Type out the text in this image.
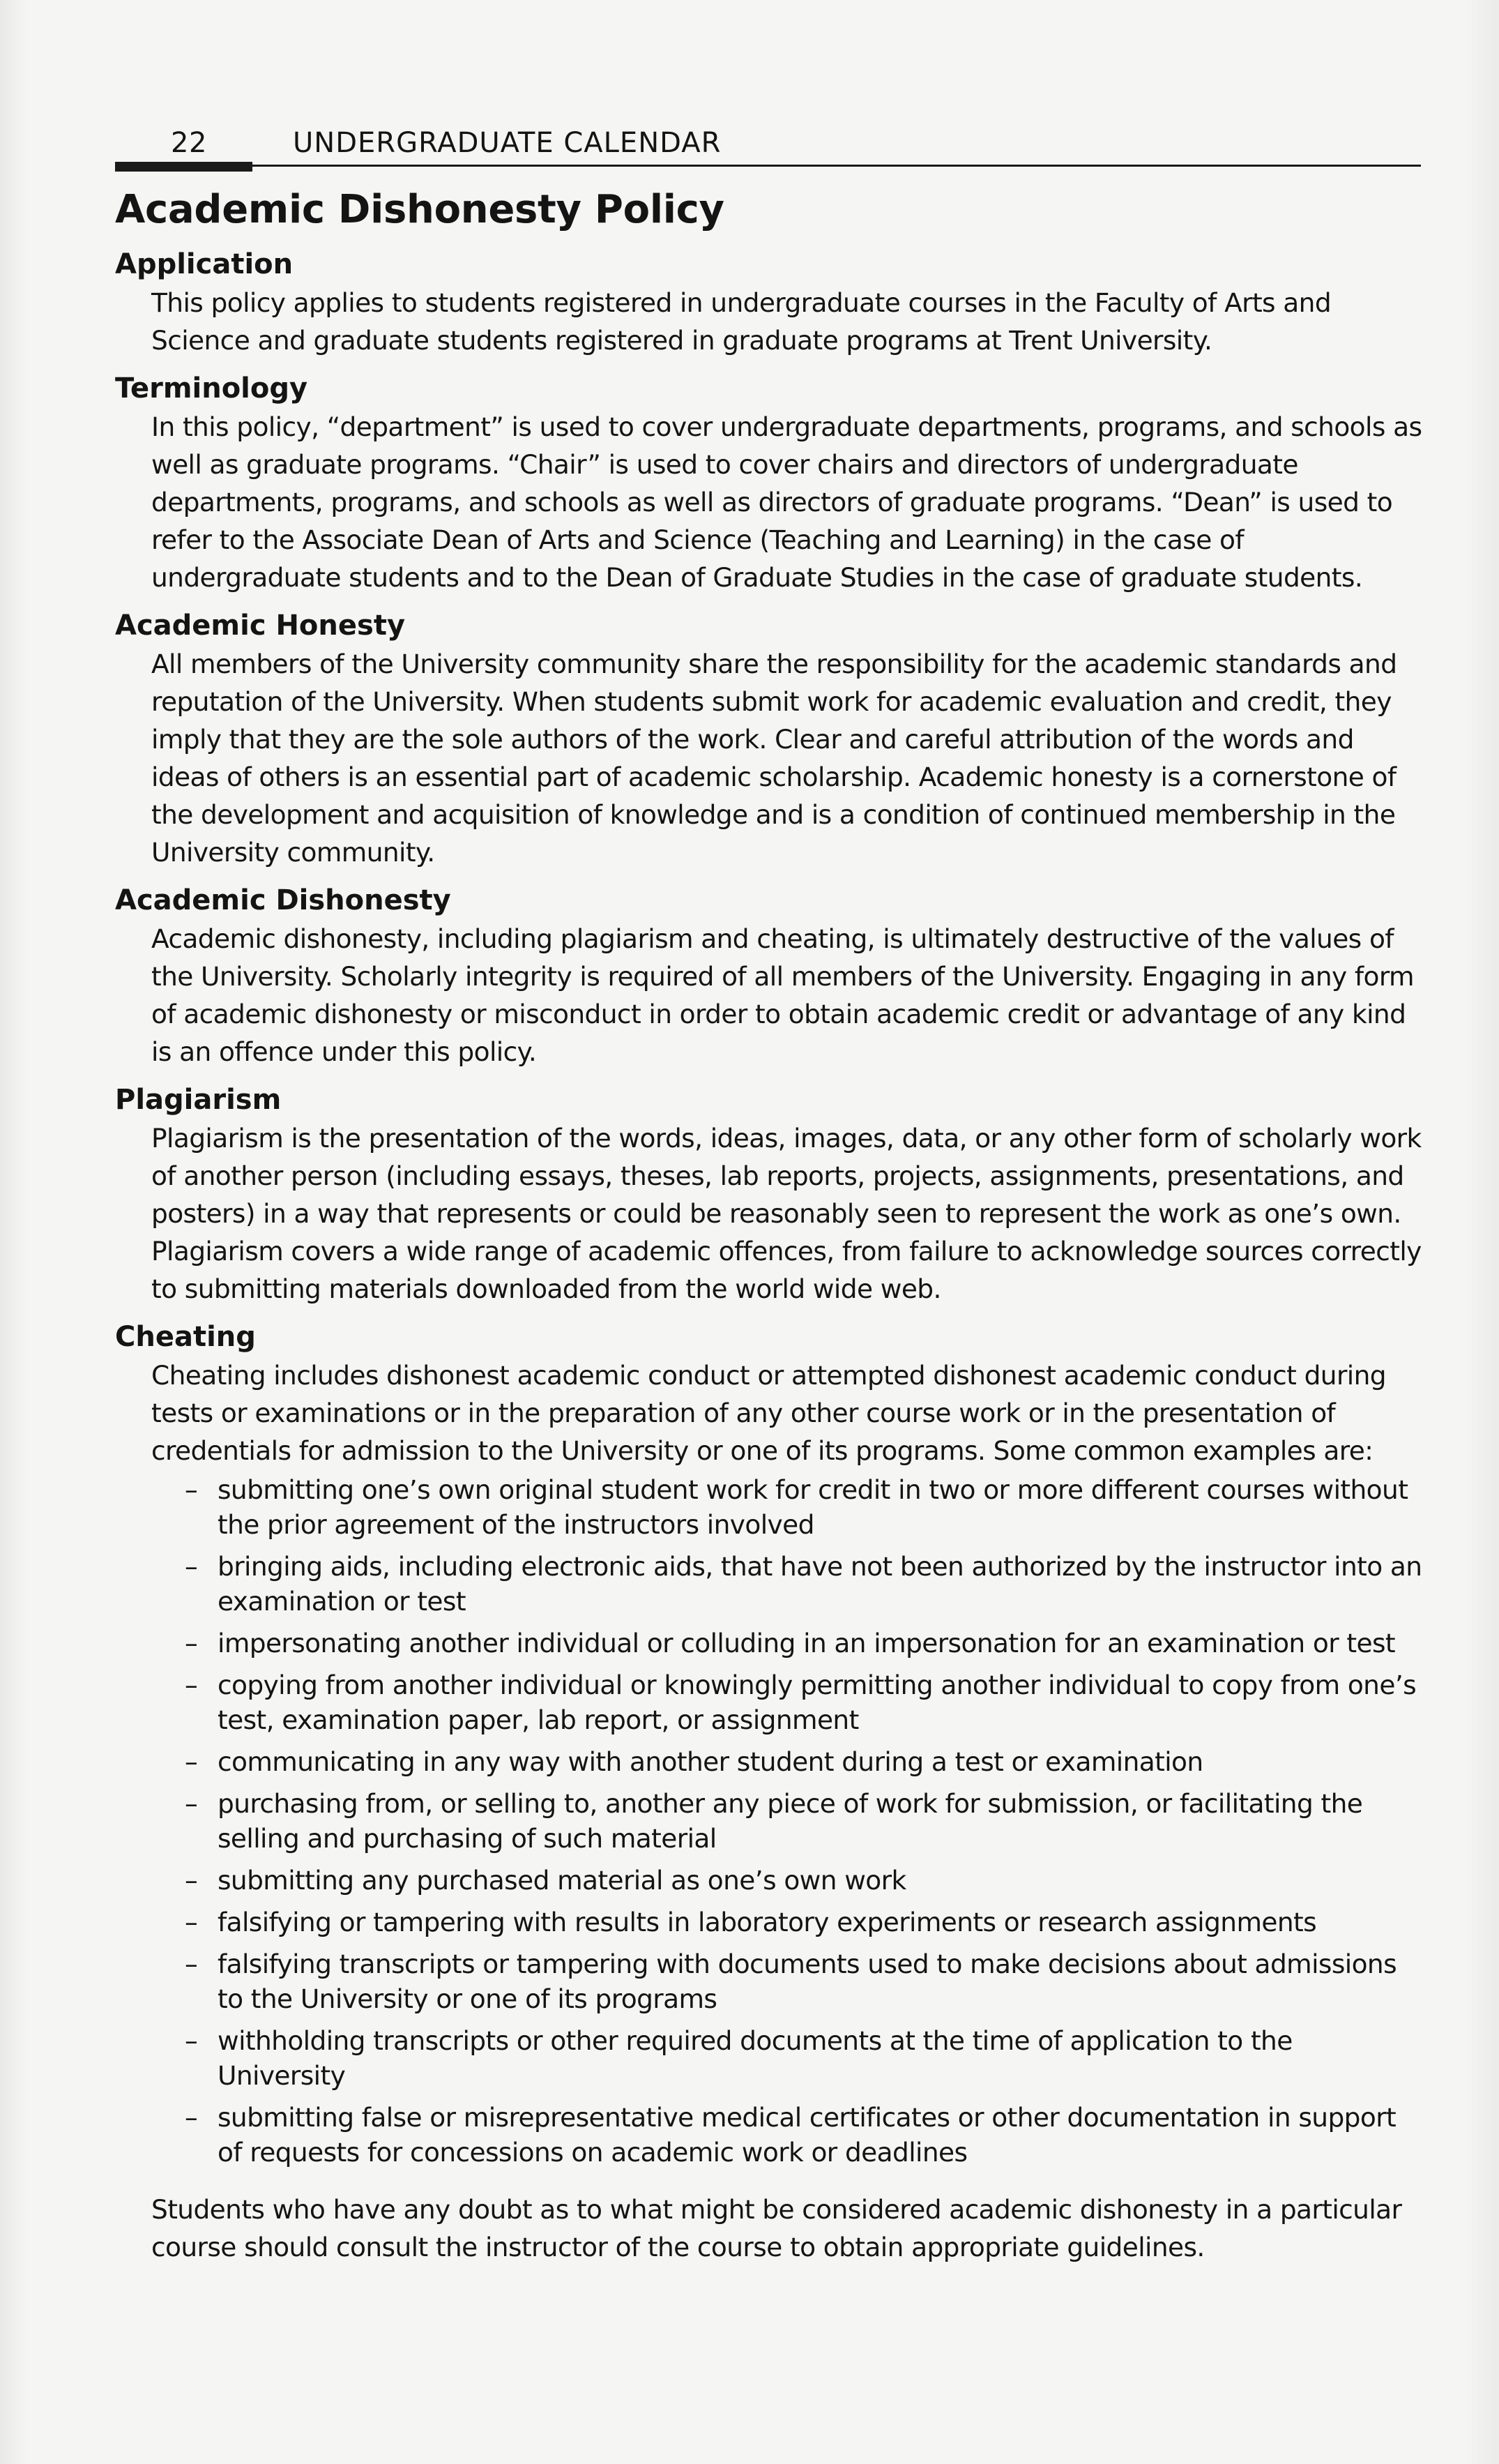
22	UNDERGRADUATE CALENDAR
Academic Dishonesty Policy
Application

This policy applies to students registered in undergraduate courses in the Faculty of Arts and Science and graduate students registered in graduate programs at Trent University.

Terminology

In this policy, “department” is used to cover undergraduate departments, programs, and schools as well as graduate programs. “Chair” is used to cover chairs and directors of undergraduate departments, programs, and schools as well as directors of graduate programs. “Dean” is used to refer to the Associate Dean of Arts and Science (Teaching and Learning) in the case of undergraduate students and to the Dean of Graduate Studies in the case of graduate students.

Academic Honesty

All members of the University community share the responsibility for the academic standards and reputation of the University. When students submit work for academic evaluation and credit, they imply that they are the sole authors of the work. Clear and careful attribution of the words and ideas of others is an essential part of academic scholarship. Academic honesty is a cornerstone of the development and acquisition of knowledge and is a condition of continued membership in the University community.

Academic Dishonesty

Academic dishonesty, including plagiarism and cheating, is ultimately destructive of the values of the University. Scholarly integrity is required of all members of the University. Engaging in any form of academic dishonesty or misconduct in order to obtain academic credit or advantage of any kind is an offence under this policy.

Plagiarism

Plagiarism is the presentation of the words, ideas, images, data, or any other form of scholarly work of another person (including essays, theses, lab reports, projects, assignments, presentations, and posters) in a way that represents or could be reasonably seen to represent the work as one’s own. Plagiarism covers a wide range of academic offences, from failure to acknowledge sources correctly to submitting materials downloaded from the world wide web.

Cheating

Cheating includes dishonest academic conduct or attempted dishonest academic conduct during tests or examinations or in the preparation of any other course work or in the presentation of credentials for admission to the University or one of its programs. Some common examples are:

– submitting one’s own original student work for credit in two or more different courses without the prior agreement of the instructors involved
– bringing aids, including electronic aids, that have not been authorized by the instructor into an examination or test
– impersonating another individual or colluding in an impersonation for an examination or test
– copying from another individual or knowingly permitting another individual to copy from one’s test, examination paper, lab report, or assignment
– communicating in any way with another student during a test or examination
– purchasing from, or selling to, another any piece of work for submission, or facilitating the selling and purchasing of such material
– submitting any purchased material as one’s own work
– falsifying or tampering with results in laboratory experiments or research assignments
– falsifying transcripts or tampering with documents used to make decisions about admissions to the University or one of its programs
– withholding transcripts or other required documents at the time of application to the University
– submitting false or misrepresentative medical certificates or other documentation in support of requests for concessions on academic work or deadlines

Students who have any doubt as to what might be considered academic dishonesty in a particular course should consult the instructor of the course to obtain appropriate guidelines.
